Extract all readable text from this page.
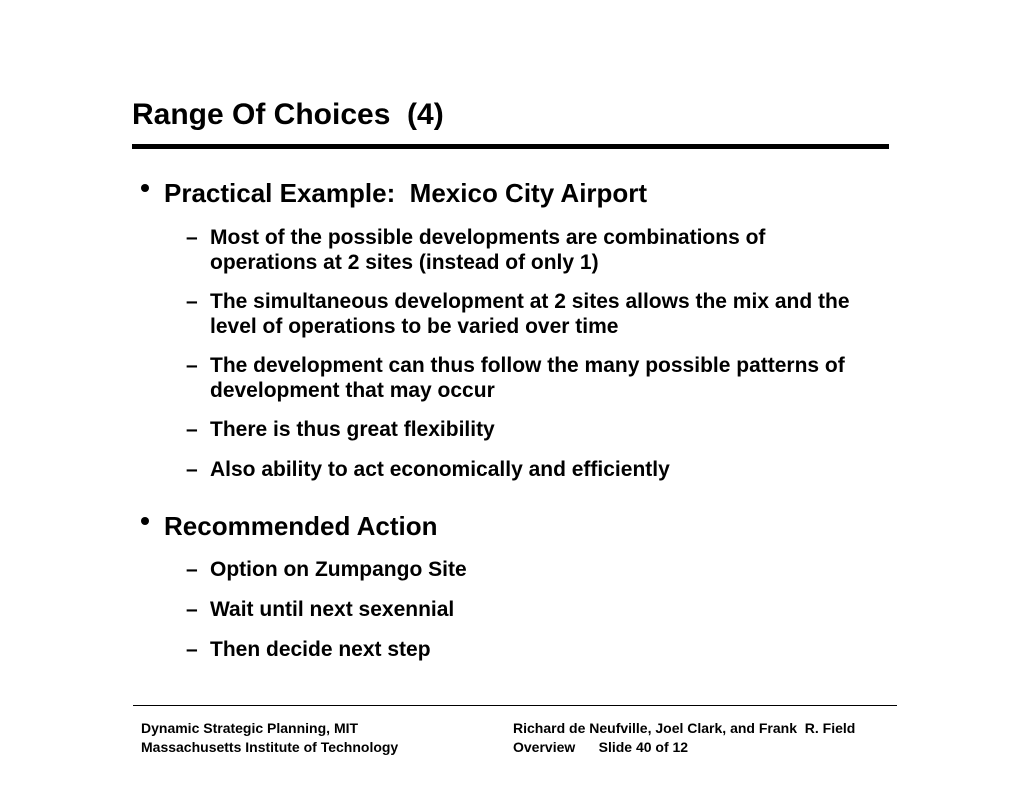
Range Of Choices  (4)
Practical Example:  Mexico City Airport
– Most of the possible developments are combinations of operations at 2 sites (instead of only 1)
– The simultaneous development at 2 sites allows the mix and the level of operations to be varied over time
– The development can thus follow the many possible patterns of development that may occur
– There is thus great flexibility
– Also ability to act economically and efficiently
Recommended Action
– Option on Zumpango Site
– Wait until next sexennial
– Then decide next step
Dynamic Strategic Planning, MIT
Massachusetts Institute of Technology
Richard de Neufville, Joel Clark, and Frank  R. Field
Overview      Slide 40 of 12
